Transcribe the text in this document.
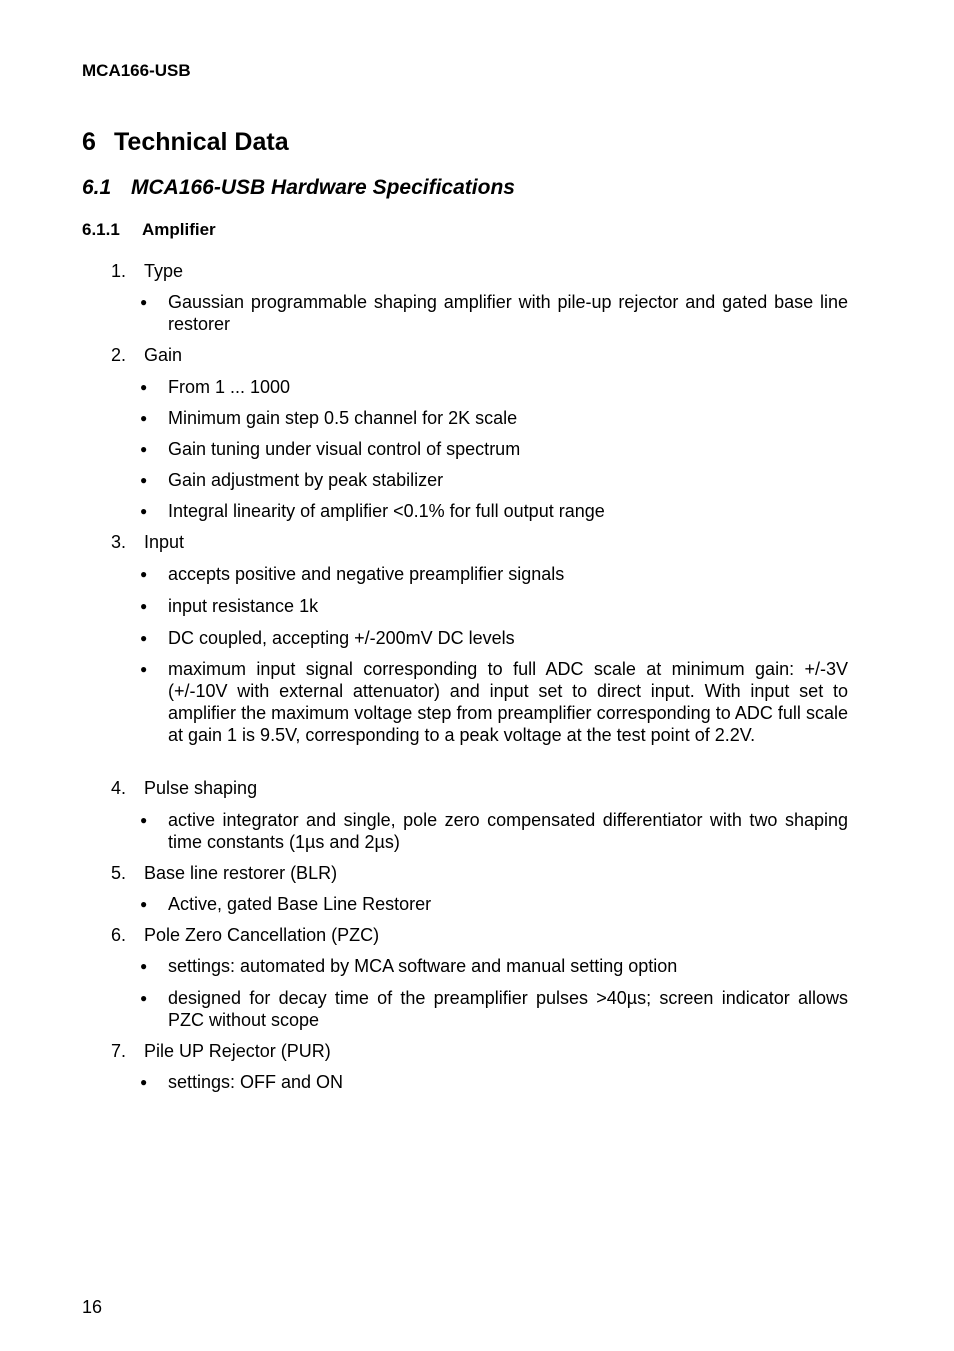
MCA166-USB
6 Technical Data
6.1 MCA166-USB Hardware Specifications
6.1.1 Amplifier
1. Type
●	Gaussian programmable shaping amplifier with pile-up rejector and gated base line restorer
2. Gain
●	From 1 ... 1000
●	Minimum gain step 0.5 channel for 2K scale
●	Gain tuning under visual control of spectrum
●	Gain adjustment by peak stabilizer
●	Integral linearity of amplifier <0.1% for full output range
3. Input
●	accepts positive and negative preamplifier signals
●	input resistance 1k
●	DC coupled, accepting +/-200mV DC levels
●	maximum input signal corresponding to full ADC scale at minimum gain: +/-3V (+/-10V with external attenuator) and input set to direct input. With input set to amplifier the maximum voltage step from preamplifier corresponding to ADC full scale at gain 1 is 9.5V, corresponding to a peak voltage at the test point of 2.2V.
4. Pulse shaping
●	active integrator and single, pole zero compensated differentiator with two shaping time constants (1µs and 2µs)
5. Base line restorer (BLR)
●	Active, gated Base Line Restorer
6. Pole Zero Cancellation (PZC)
●	settings: automated by MCA software and manual setting option
●	designed for decay time of the preamplifier pulses >40µs; screen indicator allows PZC without scope
7. Pile UP Rejector (PUR)
●	settings: OFF and ON
16
